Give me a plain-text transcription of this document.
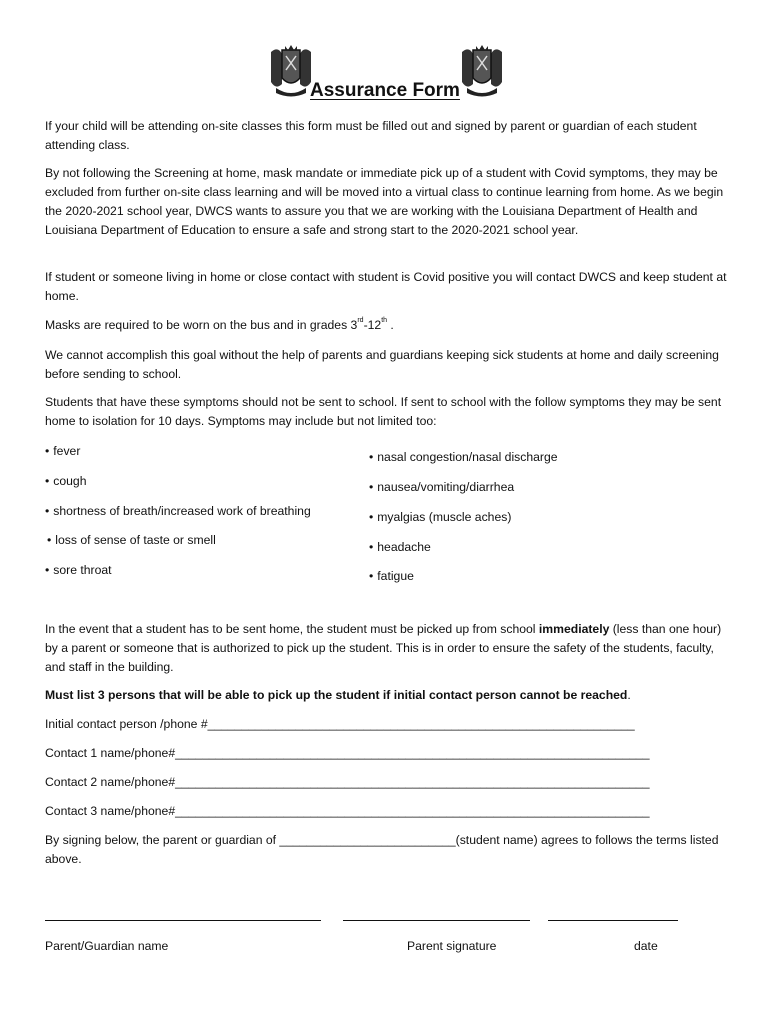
Assurance Form

If your child will be attending on-site classes this form must be filled out and signed by parent or guardian of each student attending class.

By not following the Screening at home, mask mandate or immediate pick up of a student with Covid symptoms, they may be excluded from further on-site class learning and will be moved into a virtual class to continue learning from home. As we begin the 2020-2021 school year, DWCS wants to assure you that we are working with the Louisiana Department of Health and Louisiana Department of Education to ensure a safe and strong start to the 2020-2021 school year.

If student or someone living in home or close contact with student is Covid positive you will contact DWCS and keep student at home.

Masks are required to be worn on the bus and in grades 3rd-12th .

We cannot accomplish this goal without the help of parents and guardians keeping sick students at home and daily screening before sending to school.

Students that have these symptoms should not be sent to school. If sent to school with the follow symptoms they may be sent home to isolation for 10 days. Symptoms may include but not limited too:

• fever
• cough
• shortness of breath/increased work of breathing
• loss of sense of taste or smell
• sore throat
• nasal congestion/nasal discharge
• nausea/vomiting/diarrhea
• myalgias (muscle aches)
• headache
• fatigue

In the event that a student has to be sent home, the student must be picked up from school immediately (less than one hour) by a parent or someone that is authorized to pick up the student. This is in order to ensure the safety of the students, faculty, and staff in the building.

Must list 3 persons that will be able to pick up the student if initial contact person cannot be reached.

Initial contact person /phone #_______________________________________________________________
Contact 1 name/phone#______________________________________________________________________
Contact 2 name/phone#______________________________________________________________________
Contact 3 name/phone#______________________________________________________________________

By signing below, the parent or guardian of __________________________(student name) agrees to follows the terms listed above.

Parent/Guardian name	Parent signature	date
